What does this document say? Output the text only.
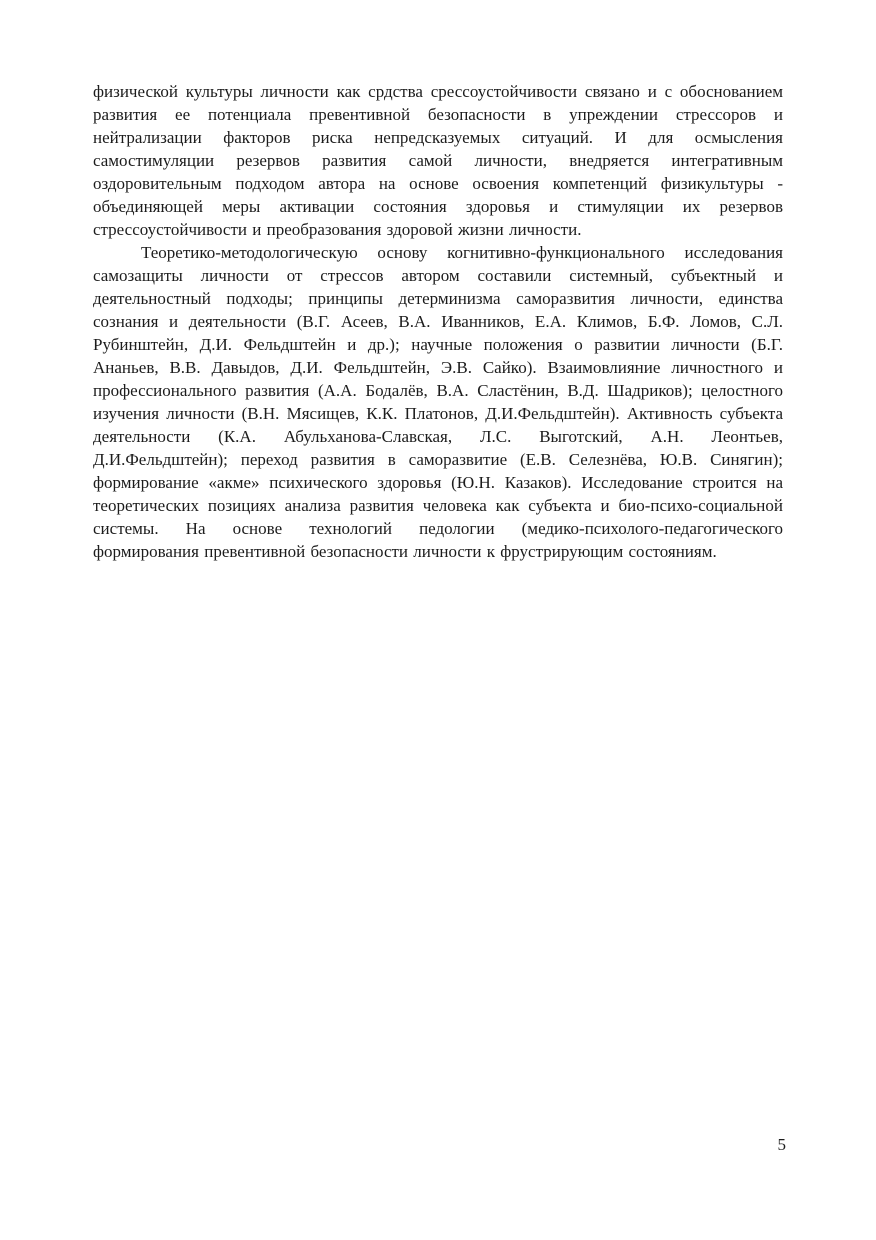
физической культуры личности как срдства срессоустойчивости связано и с обоснованием развития ее потенциала превентивной безопасности в упреждении стрессоров и нейтрализации факторов риска непредсказуемых ситуаций. И для осмысления самостимуляции резервов развития самой личности, внедряется интегративным оздоровительным подходом автора на основе освоения компетенций физикультуры - объединяющей меры активации состояния здоровья и стимуляции их резервов стрессоустойчивости и преобразования здоровой жизни личности.

Теоретико-методологическую основу когнитивно-функционального исследования самозащиты личности от стрессов автором составили системный, субъектный и деятельностный подходы; принципы детерминизма саморазвития личности, единства сознания и деятельности (В.Г. Асеев, В.А. Иванников, Е.А. Климов, Б.Ф. Ломов, С.Л. Рубинштейн, Д.И. Фельдштейн и др.); научные положения о развитии личности (Б.Г. Ананьев, В.В. Давыдов, Д.И. Фельдштейн, Э.В. Сайко). Взаимовлияние личностного и профессионального развития (А.А. Бодалёв, В.А. Сластёнин, В.Д. Шадриков); целостного изучения личности (В.Н. Мясищев, К.К. Платонов, Д.И.Фельдштейн). Активность субъекта деятельности (К.А. Абульханова-Славская, Л.С. Выготский, А.Н. Леонтьев, Д.И.Фельдштейн); переход развития в саморазвитие (Е.В. Селезнёва, Ю.В. Синягин); формирование «акме» психического здоровья (Ю.Н. Казаков). Исследование строится на теоретических позициях анализа развития человека как субъекта и био-психо-социальной системы. На основе технологий педологии (медико-психолого-педагогического формирования превентивной безопасности личности к фрустрирующим состояниям.

5
